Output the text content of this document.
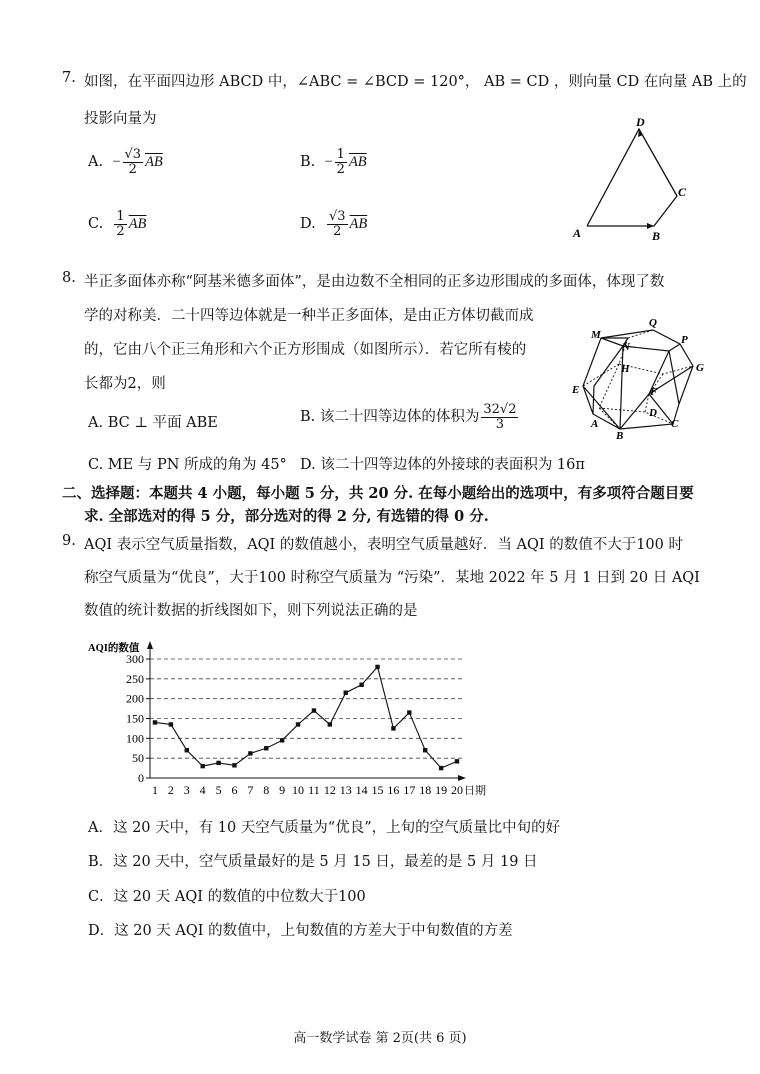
7. 如图，在平面四边形 ABCD 中，∠ABC = ∠BCD = 120°， AB = CD ，则向量 CD 在向量 AB 上的
投影向量为
A. − $\frac{√3}{2} \overline{AB}$	B. − $\frac{1}{2} \overline{AB}$
C. $\frac{1}{2} \overline{AB}$	D. $\frac{√3}{2} \overline{AB}$
D
C
A	B
8. 半正多面体亦称“阿基米德多面体”，是由边数不全相同的正多边形围成的多面体，体现了数
学的对称美．二十四等边体就是一种半正多面体，是由正方体切截而成
的，它由八个正三角形和六个正方形围成（如图所示）．若它所有棱的
长都为2，则
A. BC ⊥ 平面 ABE	B. 该二十四等边体的体积为 $\frac{32√2}{3}$
C. ME 与 PN 所成的角为 45° D. 该二十四等边体的外接球的表面积为 16π
M
Q
P
N
H	G
E	F
D
A
B
C
二、选择题：本题共 4 小题，每小题 5 分，共 20 分. 在每小题给出的选项中，有多项符合题目要
求. 全部选对的得 5 分，部分选对的得 2 分, 有选错的得 0 分.
9. AQI 表示空气质量指数，AQI 的数值越小，表明空气质量越好．当 AQI 的数值不大于100 时
称空气质量为“优良”，大于100 时称空气质量为 “污染”．某地 2022 年 5 月 1 日到 20 日 AQI
数值的统计数据的折线图如下，则下列说法正确的是
0
50
100
150
200
250
300
AQI的数值
日期
1 2 3 4 5 6 7 8 9 10 11 12 13 14 15 16 17 18 19 20
A．这 20 天中，有 10 天空气质量为“优良”，上旬的空气质量比中旬的好
B．这 20 天中，空气质量最好的是 5 月 15 日，最差的是 5 月 19 日
C．这 20 天 AQI 的数值的中位数大于100
D．这 20 天 AQI 的数值中，上旬数值的方差大于中旬数值的方差
高一数学试卷 第 2页(共 6 页)
